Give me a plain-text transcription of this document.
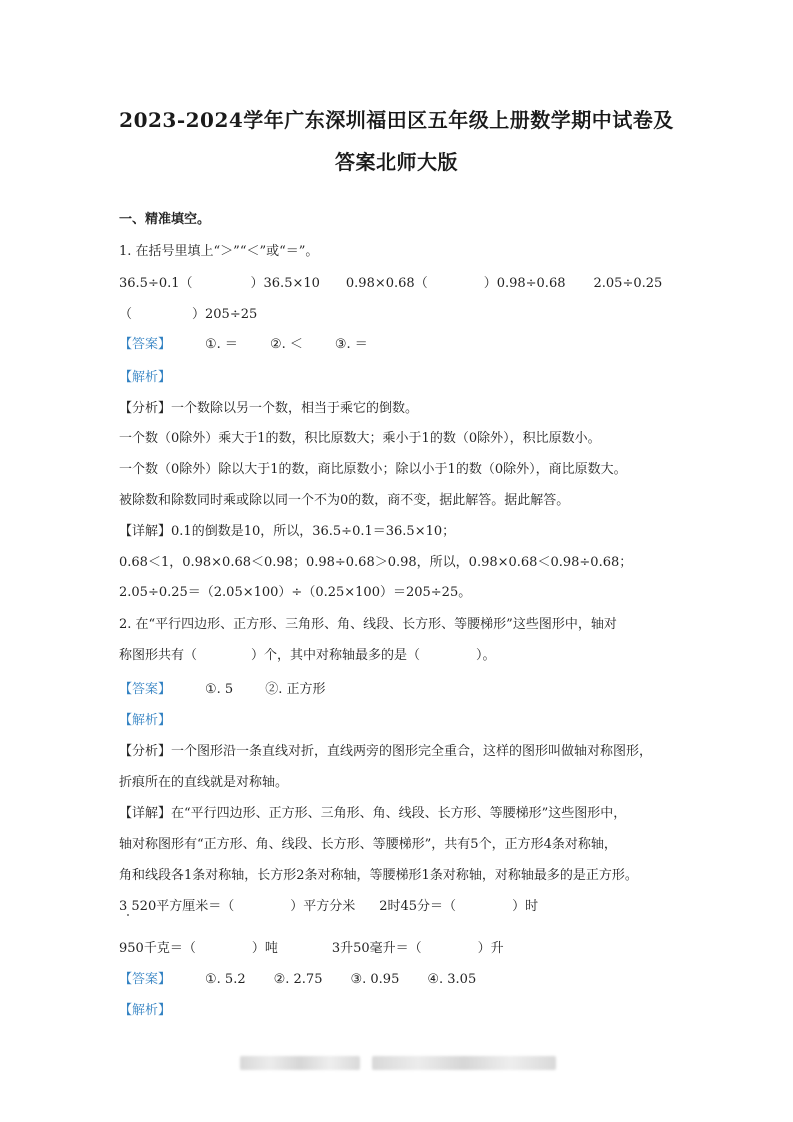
2023-2024学年广东深圳福田区五年级上册数学期中试卷及
答案北师大版
一、精准填空。
1. 在括号里填上“＞”“＜”或“＝”。
36.5÷0.1（	）36.5×10 0.98×0.68（	）0.98÷0.68 2.05÷0.25
（	）205÷25
【答案】	①. ＝ ②. ＜ ③. ＝
【解析】
【分析】一个数除以另一个数，相当于乘它的倒数。
一个数（0除外）乘大于1的数，积比原数大；乘小于1的数（0除外），积比原数小。
一个数（0除外）除以大于1的数，商比原数小；除以小于1的数（0除外），商比原数大。
被除数和除数同时乘或除以同一个不为0的数，商不变，据此解答。据此解答。
【详解】0.1的倒数是10，所以，36.5÷0.1＝36.5×10；
0.68＜1，0.98×0.68＜0.98；0.98÷0.68＞0.98，所以，0.98×0.68＜0.98÷0.68；
2.05÷0.25＝（2.05×100）÷（0.25×100）＝205÷25。
2. 在“平行四边形、正方形、三角形、角、线段、长方形、等腰梯形”这些图形中，轴对
称图形共有（	）个，其中对称轴最多的是（	）。
【答案】	①. 5 ②. 正方形
【解析】
【分析】一个图形沿一条直线对折，直线两旁的图形完全重合，这样的图形叫做轴对称图形，
折痕所在的直线就是对称轴。
【详解】在“平行四边形、正方形、三角形、角、线段、长方形、等腰梯形”这些图形中，
轴对称图形有“正方形、角、线段、长方形、等腰梯形”，共有5个，正方形4条对称轴，
角和线段各1条对称轴，长方形2条对称轴，等腰梯形1条对称轴，对称轴最多的是正方形。
3 520平方厘米＝（	）平方分米 2时45分＝（	）时
950千克＝（	）吨	3升50毫升＝（	）升
【答案】	①. 5.2 ②. 2.75 ③. 0.95 ④. 3.05
【解析】
